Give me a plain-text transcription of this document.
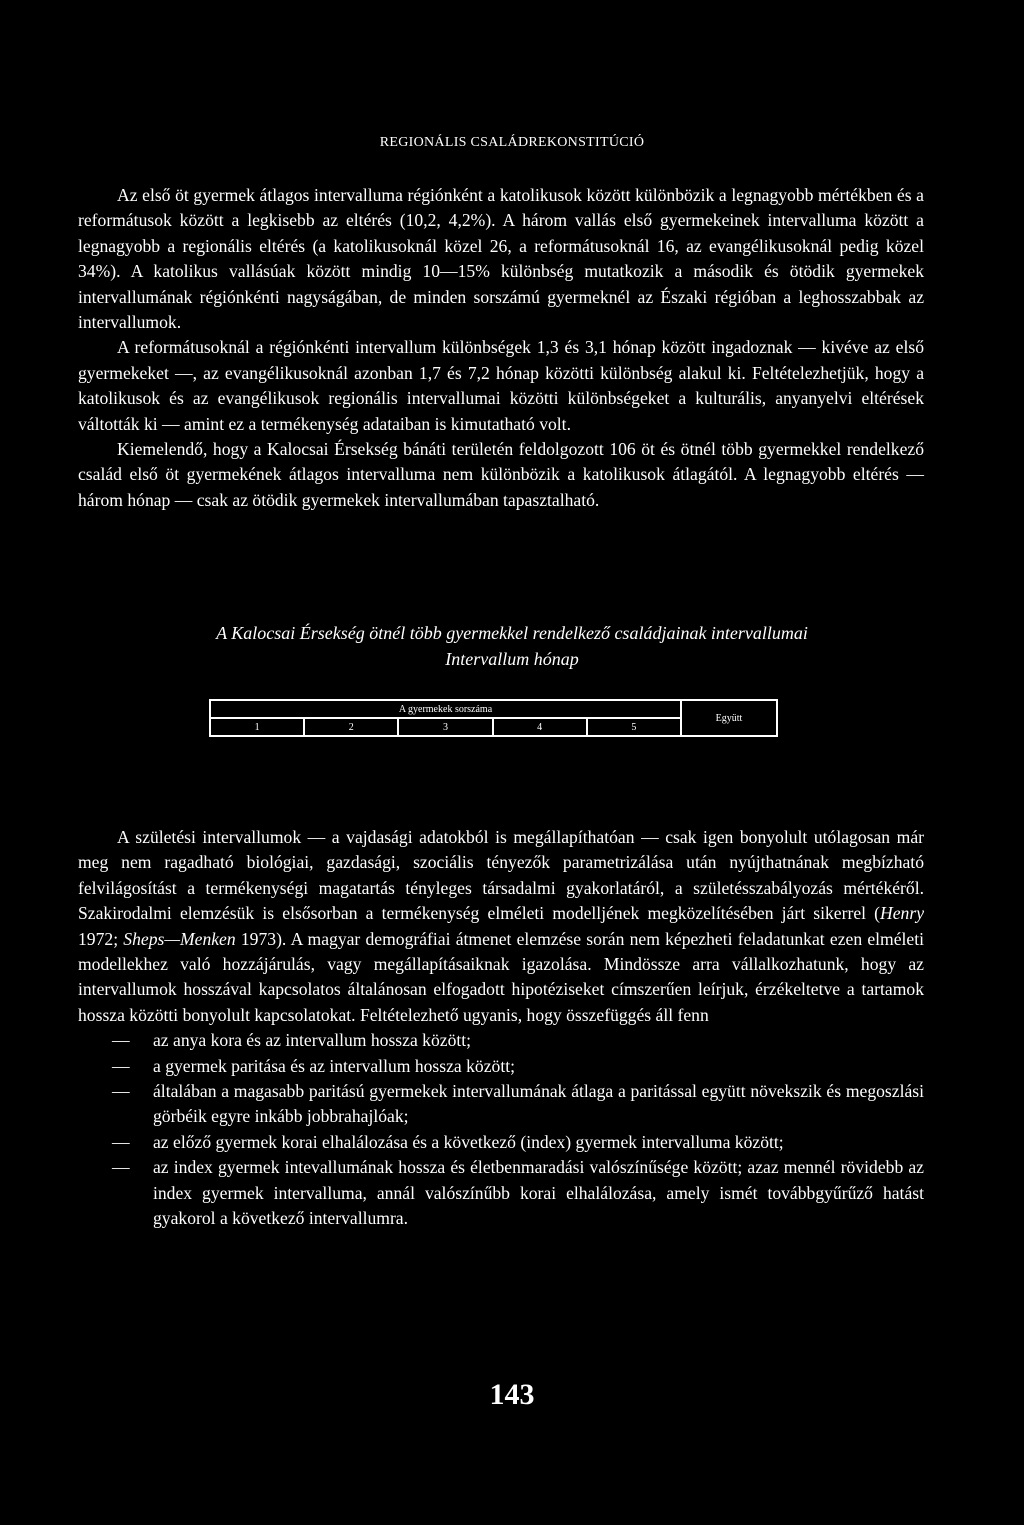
REGIONÁLIS CSALÁDREKONSTITÚCIÓ

Az első öt gyermek átlagos intervalluma régiónként a katolikusok között különbözik a legnagyobb mértékben és a reformátusok között a legkisebb az eltérés (10,2, 4,2%). A három vallás első gyermekeinek intervalluma között a legnagyobb a regionális eltérés (a katolikusoknál közel 26, a reformátusoknál 16, az evangélikusoknál pedig közel 34%). A katolikus vallásúak között mindig 10—15% különbség mutatkozik a második és ötödik gyermekek intervallumának régiónkénti nagyságában, de minden sorszámú gyermeknél az Északi régióban a leghosszabbak az intervallumok.

A reformátusoknál a régiónkénti intervallum különbségek 1,3 és 3,1 hónap között ingadoznak — kivéve az első gyermekeket —, az evangélikusoknál azonban 1,7 és 7,2 hónap közötti különbség alakul ki. Feltételezhetjük, hogy a katolikusok és az evangélikusok regionális intervallumai közötti különbségeket a kulturális, anyanyelvi eltérések váltották ki — amint ez a termékenység adataiban is kimutatható volt.

Kiemelendő, hogy a Kalocsai Érsekség bánáti területén feldolgozott 106 öt és ötnél több gyermekkel rendelkező család első öt gyermekének átlagos intervalluma nem különbözik a katolikusok átlagától. A legnagyobb eltérés — három hónap — csak az ötödik gyermekek intervallumában tapasztalható.

A Kalocsai Érsekség ötnél több gyermekkel rendelkező családjainak intervallumai
Intervallum hónap
A gyermekek sorszáma					Együtt
1	2	3	4	5	

A születési intervallumok — a vajdasági adatokból is megállapíthatóan — csak igen bonyolult utólagosan már meg nem ragadható biológiai, gazdasági, szociális tényezők parametrizálása után nyújthatnának megbízható felvilágosítást a termékenységi magatartás tényleges társadalmi gyakorlatáról, a születésszabályozás mértékéről. Szakirodalmi elemzésük is elsősorban a termékenység elméleti modelljének megközelítésében járt sikerrel (Henry 1972; Sheps—Menken 1973). A magyar demográfiai átmenet elemzése során nem képezheti feladatunkat ezen elméleti modellekhez való hozzájárulás, vagy megállapításaiknak igazolása. Mindössze arra vállalkozhatunk, hogy az intervallumok hosszával kapcsolatos általánosan elfogadott hipotéziseket címszerűen leírjuk, érzékeltetve a tartamok hossza közötti bonyolult kapcsolatokat. Feltételezhető ugyanis, hogy összefüggés áll fenn

— az anya kora és az intervallum hossza között;
— a gyermek paritása és az intervallum hossza között;
— általában a magasabb paritású gyermekek intervallumának átlaga a paritással együtt növekszik és megoszlási görbéik egyre inkább jobbrahajlóak;
— az előző gyermek korai elhalálozása és a következő (index) gyermek intervalluma között;
— az index gyermek intevallumának hossza és életbenmaradási valószínűsége között; azaz mennél rövidebb az index gyermek intervalluma, annál valószínűbb korai elhalálozása, amely ismét továbbgyűrűző hatást gyakorol a következő intervallumra.
143
